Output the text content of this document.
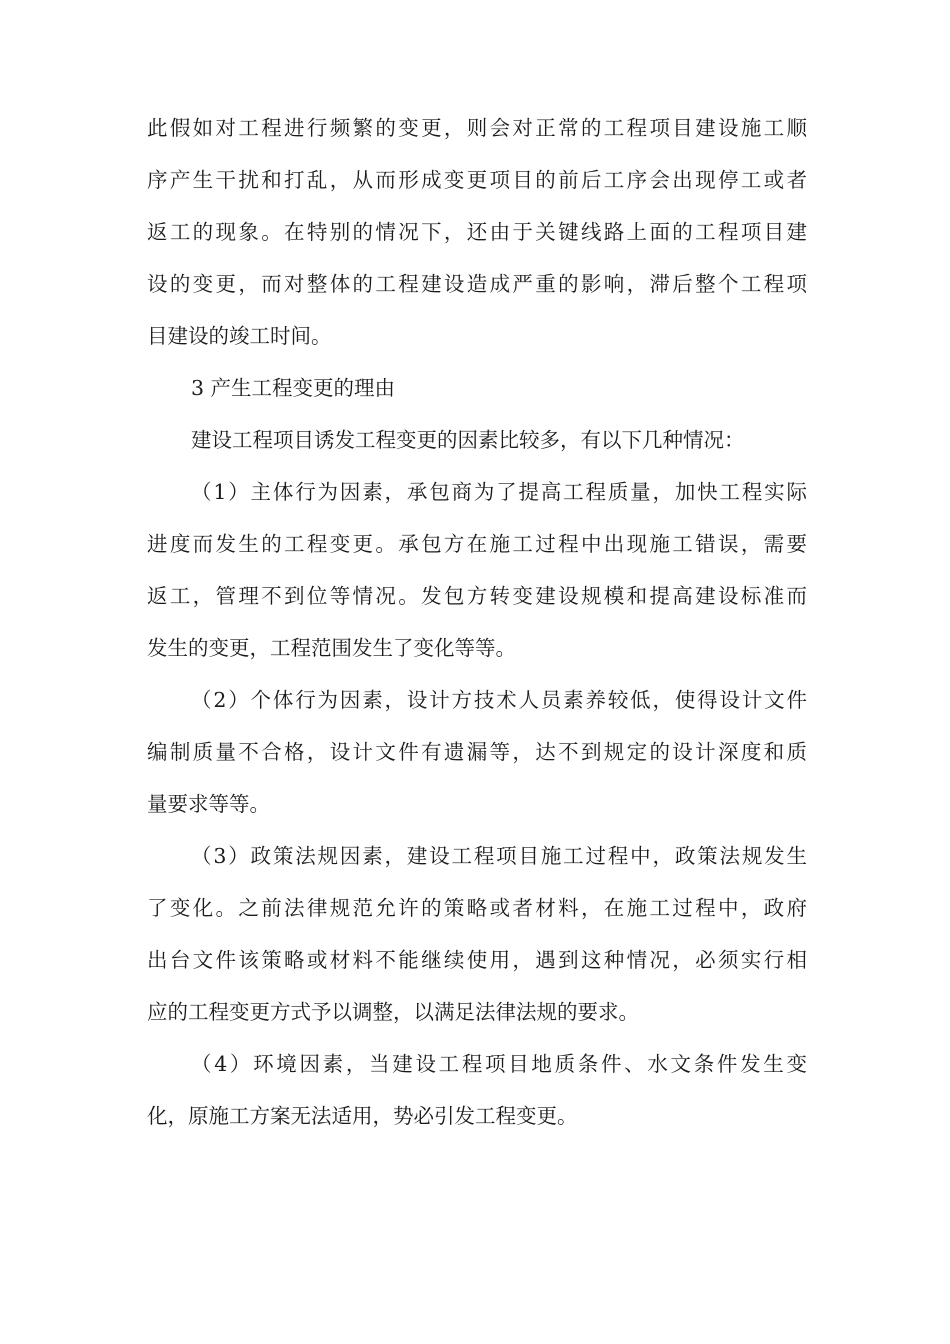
此假如对工程进行频繁的变更，则会对正常的工程项目建设施工顺
序产生干扰和打乱，从而形成变更项目的前后工序会出现停工或者
返工的现象。在特别的情况下，还由于关键线路上面的工程项目建
设的变更，而对整体的工程建设造成严重的影响，滞后整个工程项
目建设的竣工时间。
3 产生工程变更的理由
建设工程项目诱发工程变更的因素比较多，有以下几种情况：
（1）主体行为因素，承包商为了提高工程质量，加快工程实际
进度而发生的工程变更。承包方在施工过程中出现施工错误，需要
返工，管理不到位等情况。发包方转变建设规模和提高建设标准而
发生的变更，工程范围发生了变化等等。
（2）个体行为因素，设计方技术人员素养较低，使得设计文件
编制质量不合格，设计文件有遗漏等，达不到规定的设计深度和质
量要求等等。
（3）政策法规因素，建设工程项目施工过程中，政策法规发生
了变化。之前法律规范允许的策略或者材料，在施工过程中，政府
出台文件该策略或材料不能继续使用，遇到这种情况，必须实行相
应的工程变更方式予以调整，以满足法律法规的要求。
（4）环境因素，当建设工程项目地质条件、水文条件发生变
化，原施工方案无法适用，势必引发工程变更。
